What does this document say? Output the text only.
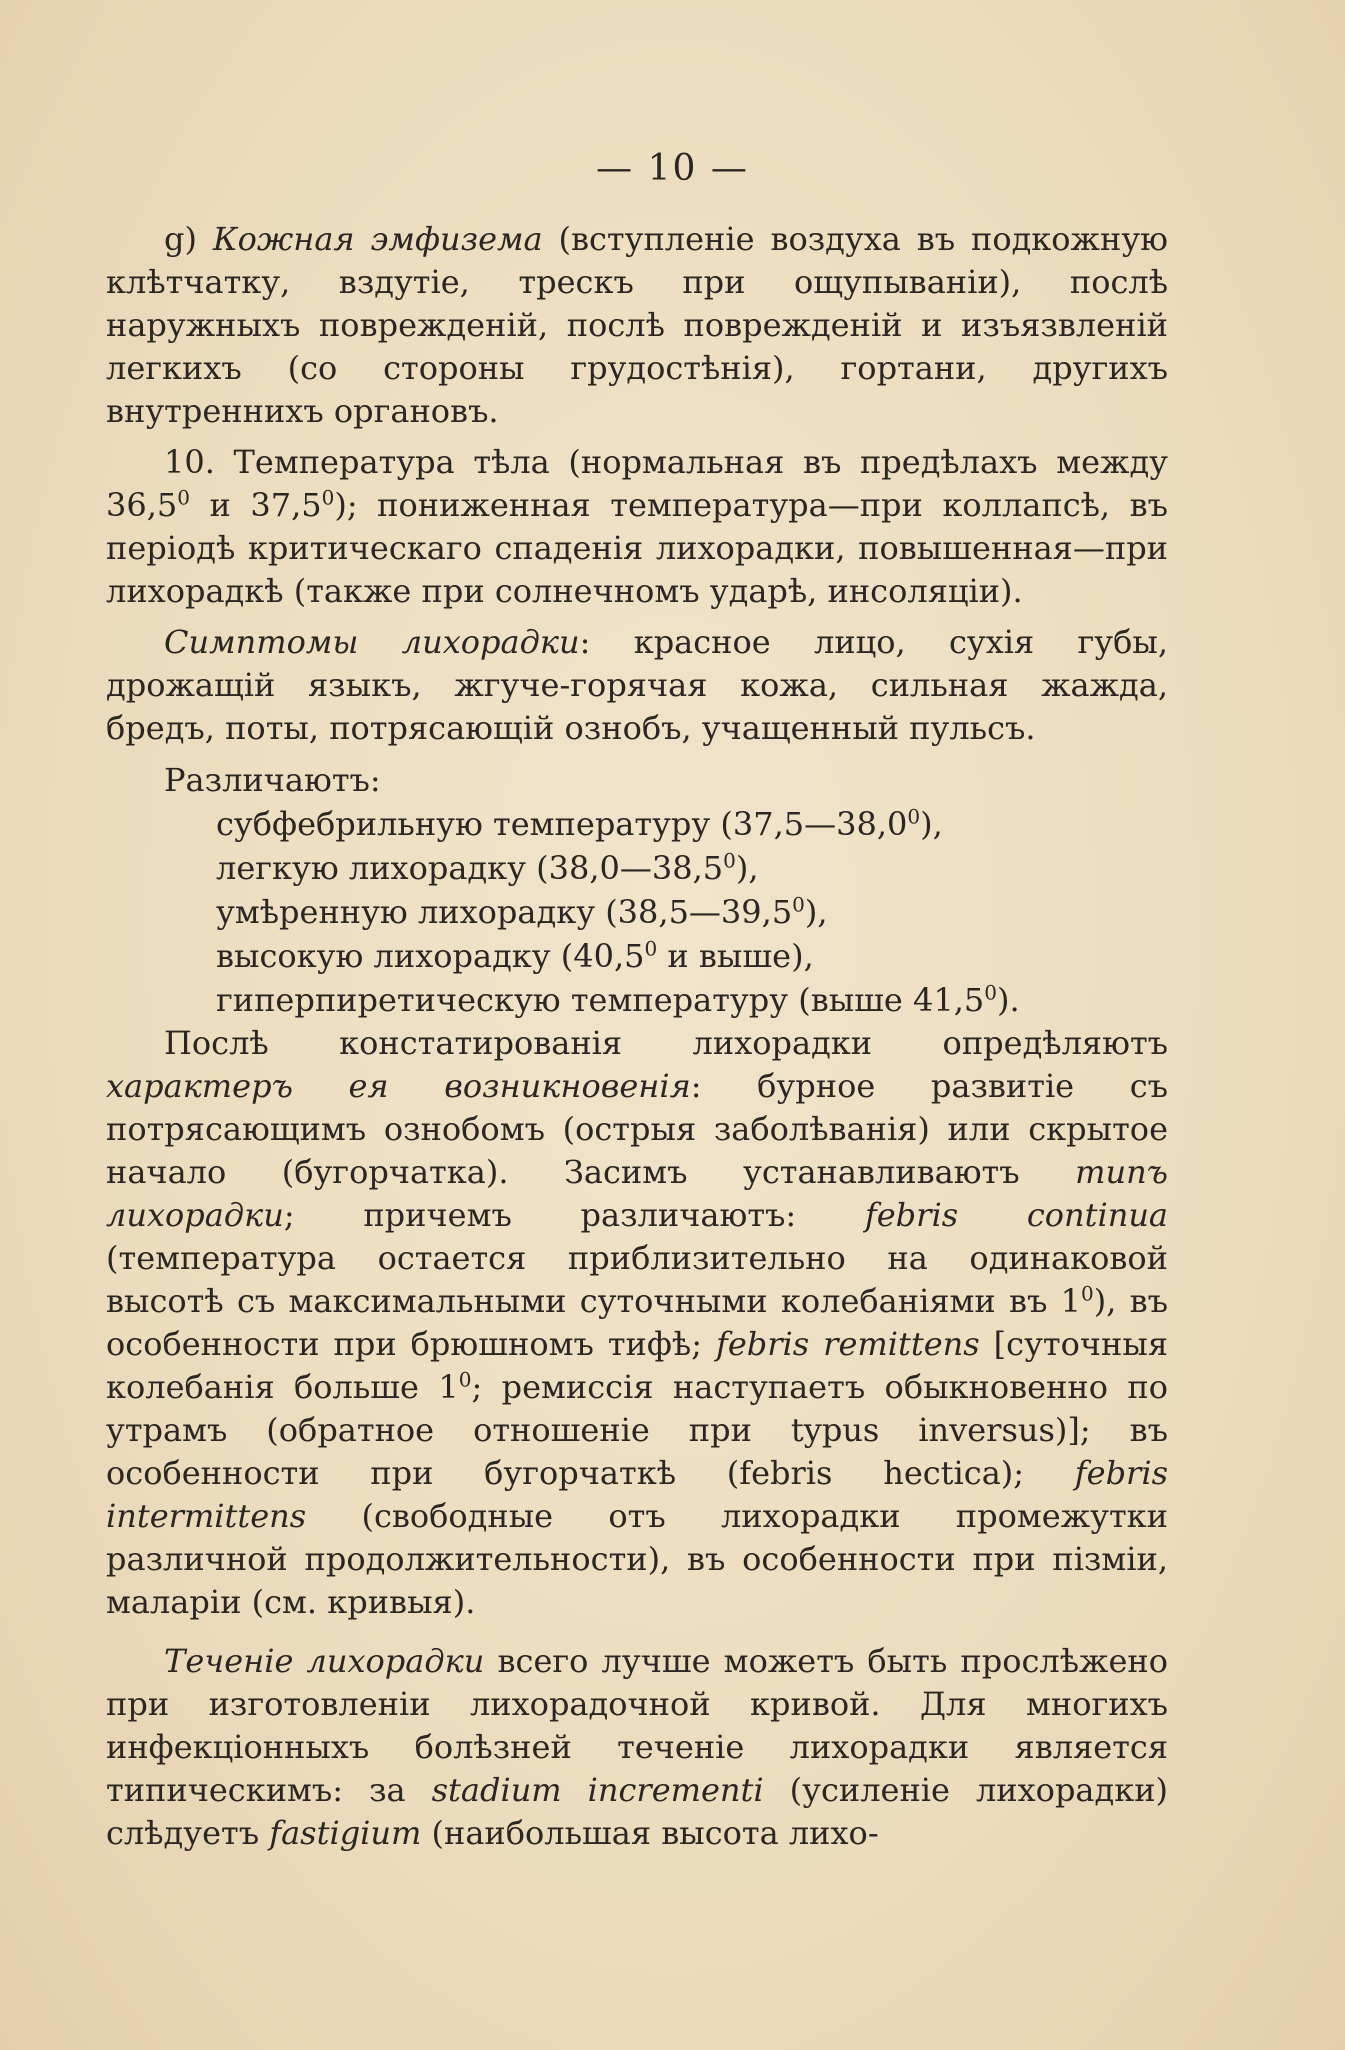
— 10 —

g) Кожная эмфизема (вступленіе воздуха въ подкожную клѣтчатку, вздутіе, трескъ при ощупываніи), послѣ наружныхъ поврежденій, послѣ поврежденій и изъязвленій легкихъ (со стороны грудостѣнія), гортани, другихъ внутреннихъ органовъ.

10. Температура тѣла (нормальная въ предѣлахъ между 36,5$^0$ и 37,5$^0$); пониженная температура—при коллапсѣ, въ періодѣ критическаго спаденія лихорадки, повышенная—при лихорадкѣ (также при солнечномъ ударѣ, инсоляціи).

Симптомы лихорадки: красное лицо, сухія губы, дрожащій языкъ, жгуче-горячая кожа, сильная жажда, бредъ, поты, потрясающій ознобъ, учащенный пульсъ.

Различаютъ:

субфебрильную температуру (37,5—38,0$^0$),
легкую лихорадку (38,0—38,5$^0$),
умѣренную лихорадку (38,5—39,5$^0$),
высокую лихорадку (40,5$^0$ и выше),
гиперпиретическую температуру (выше 41,5$^0$).

Послѣ констатированія лихорадки опредѣляютъ характеръ ея возникновенія: бурное развитіе съ потрясающимъ ознобомъ (острыя заболѣванія) или скрытое начало (бугорчатка). Засимъ устанавливаютъ типъ лихорадки; причемъ различаютъ: febris continua (температура остается приблизительно на одинаковой высотѣ съ максимальными суточными колебаніями въ $1^0$), въ особенности при брюшномъ тифѣ; febris remittens [суточныя колебанія больше $1^0$; ремиссія наступаетъ обыкновенно по утрамъ (обратное отношеніе при typus inversus)]; въ особенности при бугорчаткѣ (febris hectica); febris intermittens (свободные отъ лихорадки промежутки различной продолжительности), въ особенности при пізміи, маларіи (см. кривыя).

Теченіе лихорадки всего лучше можетъ быть прослѣжено при изготовленіи лихорадочной кривой. Для многихъ инфекціонныхъ болѣзней теченіе лихорадки является типическимъ: за stadium incrementi (усиленіе лихорадки) слѣдуетъ fastigium (наибольшая высота лихо-
